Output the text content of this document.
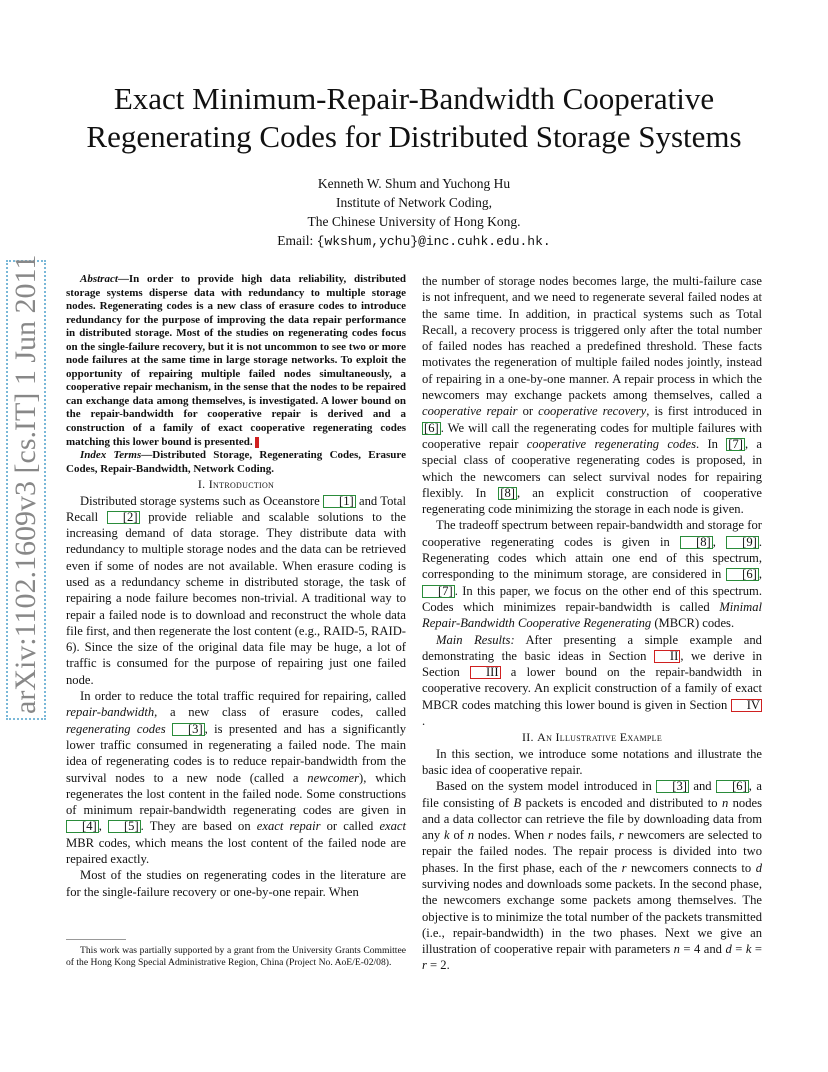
Exact Minimum-Repair-Bandwidth Cooperative
Regenerating Codes for Distributed Storage Systems
Kenneth W. Shum and Yuchong Hu
Institute of Network Coding,
The Chinese University of Hong Kong.
Email: {wkshum,ychu}@inc.cuhk.edu.hk.
arXiv:1102.1609v3 [cs.IT] 1 Jun 2011	Abstract—In order to provide high data reliability, distributed storage systems disperse data with redundancy to multiple storage nodes. Regenerating codes is a new class of erasure codes to introduce redundancy for the purpose of improving the data repair performance in distributed storage. Most of the studies on regenerating codes focus on the single-failure recovery, but it is not uncommon to see two or more node failures at the same time in large storage networks. To exploit the opportunity of repairing multiple failed nodes simultaneously, a cooperative repair mechanism, in the sense that the nodes to be repaired can exchange data among themselves, is investigated. A lower bound on the repair-bandwidth for cooperative repair is derived and a construction of a family of exact cooperative regenerating codes matching this lower bound is presented.

Index Terms—Distributed Storage, Regenerating Codes, Erasure Codes, Repair-Bandwidth, Network Coding.

I. Introduction

Distributed storage systems such as Oceanstore [1] and Total Recall [2] provide reliable and scalable solutions to the increasing demand of data storage. They distribute data with redundancy to multiple storage nodes and the data can be retrieved even if some of nodes are not available. When erasure coding is used as a redundancy scheme in distributed storage, the task of repairing a node failure becomes non-trivial. A traditional way to repair a failed node is to download and reconstruct the whole data file first, and then regenerate the lost content (e.g., RAID-5, RAID-6). Since the size of the original data file may be huge, a lot of traffic is consumed for the purpose of repairing just one failed node.

In order to reduce the total traffic required for repairing, called repair-bandwidth, a new class of erasure codes, called regenerating codes [3] , is presented and has a significantly lower traffic consumed in regenerating a failed node. The main idea of regenerating codes is to reduce repair-bandwidth from the survival nodes to a new node (called a newcomer), which regenerates the lost content in the failed node. Some constructions of minimum repair-bandwidth regenerating codes are given in [4] , [5] . They are based on exact repair or called exact MBR codes, which means the lost content of the failed node are repaired exactly.

Most of the studies on regenerating codes in the literature are for the single-failure recovery or one-by-one repair. When

This work was partially supported by a grant from the University Grants Committee of the Hong Kong Special Administrative Region, China (Project No. AoE/E-02/08).

the number of storage nodes becomes large, the multi-failure case is not infrequent, and we need to regenerate several failed nodes at the same time. In addition, in practical systems such as Total Recall, a recovery process is triggered only after the total number of failed nodes has reached a predefined threshold. These facts motivates the regeneration of multiple failed nodes jointly, instead of repairing in a one-by-one manner. A repair process in which the newcomers may exchange packets among themselves, called a cooperative repair or cooperative recovery, is first introduced in [6] . We will call the regenerating codes for multiple failures with cooperative repair cooperative regenerating codes. In [7] , a special class of cooperative regenerating codes is proposed, in which the newcomers can select survival nodes for repairing flexibly. In [8] , an explicit construction of cooperative regenerating code minimizing the storage in each node is given.

The tradeoff spectrum between repair-bandwidth and storage for cooperative regenerating codes is given in [8] , [9] . Regenerating codes which attain one end of this spectrum, corresponding to the minimum storage, are considered in [6] , [7] . In this paper, we focus on the other end of this spectrum. Codes which minimizes repair-bandwidth is called Minimal Repair-Bandwidth Cooperative Regenerating (MBCR) codes.

Main Results: After presenting a simple example and demonstrating the basic ideas in Section II , we derive in Section III a lower bound on the repair-bandwidth in cooperative recovery. An explicit construction of a family of exact MBCR codes matching this lower bound is given in Section IV.

II. An Illustrative Example

In this section, we introduce some notations and illustrate the basic idea of cooperative repair.

Based on the system model introduced in [3] and [6] , a file consisting of B packets is encoded and distributed to n nodes and a data collector can retrieve the file by downloading data from any k of n nodes. When r nodes fails, r newcomers are selected to repair the failed nodes. The repair process is divided into two phases. In the first phase, each of the r newcomers connects to d surviving nodes and downloads some packets. In the second phase, the newcomers exchange some packets among themselves. The objective is to minimize the total number of the packets transmitted (i.e., repair-bandwidth) in the two phases. Next we give an illustration of cooperative repair with parameters n = 4 and d = k = r = 2.
